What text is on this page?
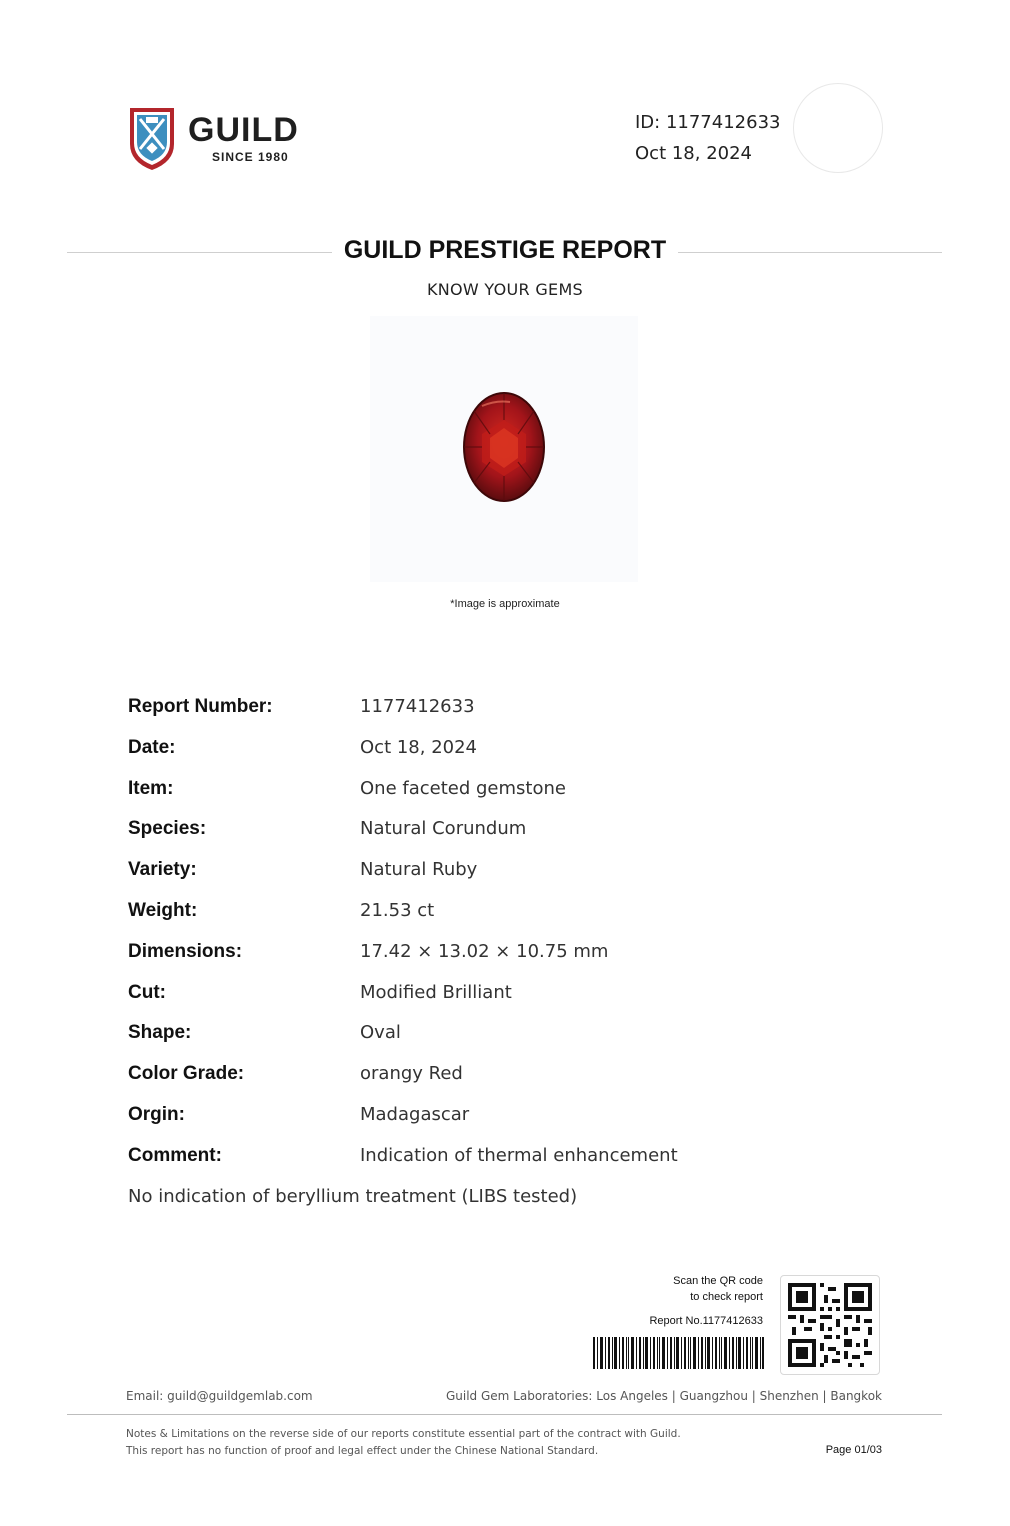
GUILD
SINCE 1980
ID: 1177412633
Oct 18, 2024
GUILD PRESTIGE REPORT
KNOW YOUR GEMS
*Image is approximate
Report Number:	1177412633
Date:	Oct 18, 2024
Item:	One faceted gemstone
Species:	Natural Corundum
Variety:	Natural Ruby
Weight:	21.53 ct
Dimensions:	17.42 × 13.02 × 10.75 mm
Cut:	Modified Brilliant
Shape:	Oval
Color Grade:	orangy Red
Orgin:	Madagascar
Comment:	Indication of thermal enhancement
No indication of beryllium treatment (LIBS tested)
Scan the QR code
to check report
Report No.1177412633
Email: guild@guildgemlab.com	Guild Gem Laboratories: Los Angeles | Guangzhou | Shenzhen | Bangkok
Notes & Limitations on the reverse side of our reports constitute essential part of the contract with Guild.
This report has no function of proof and legal effect under the Chinese National Standard.	Page 01/03
